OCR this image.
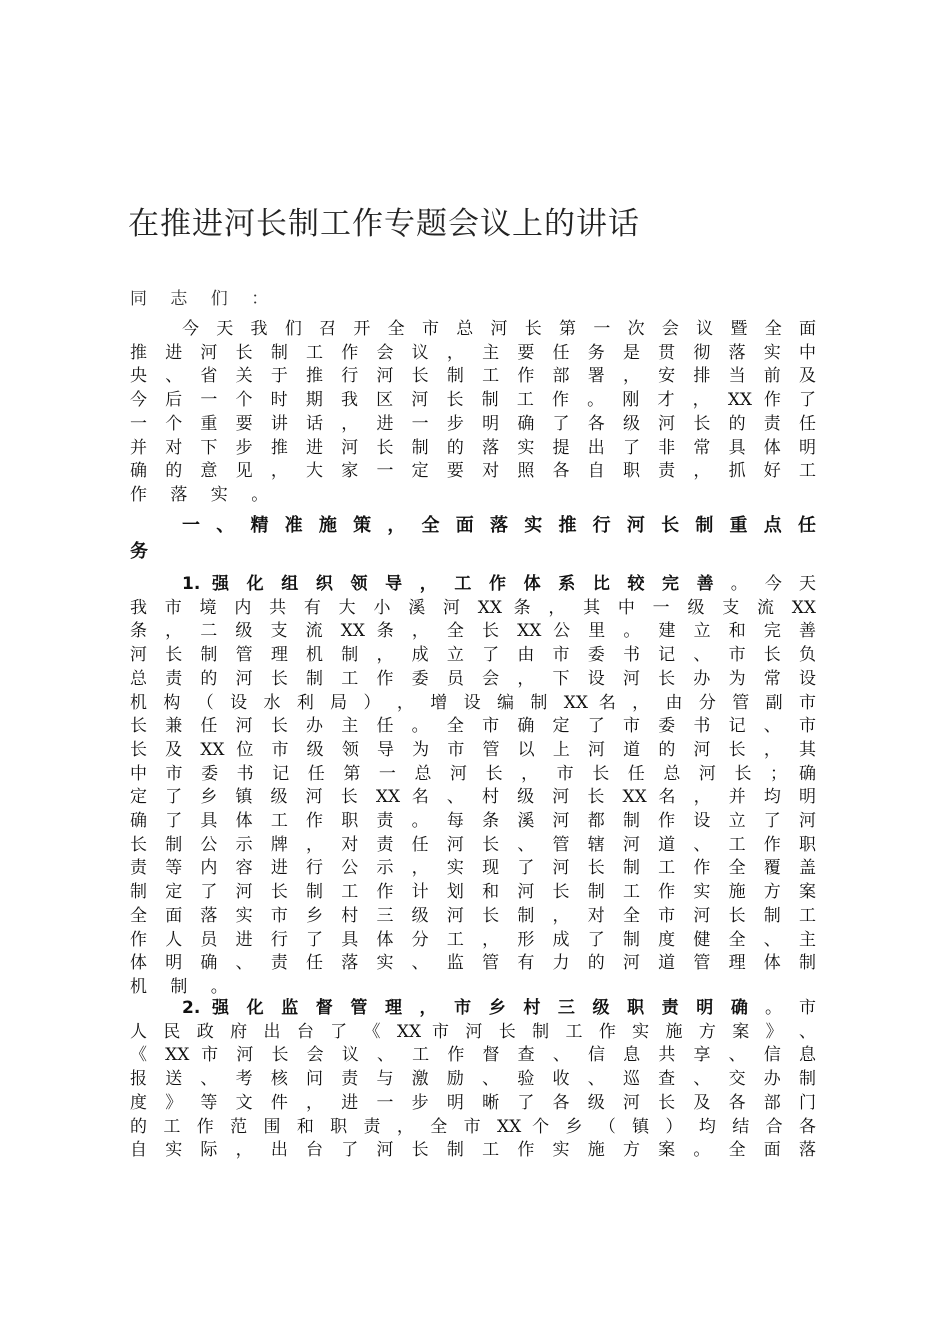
在推进河长制工作专题会议上的讲话

同 志 们 ：

今 天 我 们 召 开 全 市 总 河 长 第 一 次 会 议 暨 全 面
推 进 河 长 制 工 作 会 议 ， 主 要 任 务 是 贯 彻 落 实 中
央 、 省 关 于 推 行 河 长 制 工 作 部 署 ， 安 排 当 前 及
今 后 一 个 时 期 我 区 河 长 制 工 作 。 刚 才 ， XX 作 了
一 个 重 要 讲 话 ， 进 一 步 明 确 了 各 级 河 长 的 责 任
并 对 下 步 推 进 河 长 制 的 落 实 提 出 了 非 常 具 体 明
确 的 意 见 ， 大 家 一 定 要 对 照 各 自 职 责 ， 抓 好 工
作 落 实 。
一 、 精 准 施 策 ， 全 面 落 实 推 行 河 长 制 重 点 任
务
1. 强 化 组 织 领 导 ， 工 作 体 系 比 较 完 善 。 今 天
我 市 境 内 共 有 大 小 溪 河 XX 条 ， 其 中 一 级 支 流 XX
条 ， 二 级 支 流 XX 条 ， 全 长 XX 公 里 。 建 立 和 完 善
河 长 制 管 理 机 制 ， 成 立 了 由 市 委 书 记 、 市 长 负
总 责 的 河 长 制 工 作 委 员 会 ， 下 设 河 长 办 为 常 设
机 构 （ 设 水 利 局 ） ， 增 设 编 制 XX 名 ， 由 分 管 副 市
长 兼 任 河 长 办 主 任 。 全 市 确 定 了 市 委 书 记 、 市
长 及 XX 位 市 级 领 导 为 市 管 以 上 河 道 的 河 长 ， 其
中 市 委 书 记 任 第 一 总 河 长 ， 市 长 任 总 河 长 ； 确
定 了 乡 镇 级 河 长 XX 名 、 村 级 河 长 XX 名 ， 并 均 明
确 了 具 体 工 作 职 责 。 每 条 溪 河 都 制 作 设 立 了 河
长 制 公 示 牌 ， 对 责 任 河 长 、 管 辖 河 道 、 工 作 职
责 等 内 容 进 行 公 示 ， 实 现 了 河 长 制 工 作 全 覆 盖
制 定 了 河 长 制 工 作 计 划 和 河 长 制 工 作 实 施 方 案
全 面 落 实 市 乡 村 三 级 河 长 制 ， 对 全 市 河 长 制 工
作 人 员 进 行 了 具 体 分 工 ， 形 成 了 制 度 健 全 、 主
体 明 确 、 责 任 落 实 、 监 管 有 力 的 河 道 管 理 体 制
机 制 。
2. 强 化 监 督 管 理 ， 市 乡 村 三 级 职 责 明 确 。 市
人 民 政 府 出 台 了 《 XX 市 河 长 制 工 作 实 施 方 案 》 、
《 XX 市 河 长 会 议 、 工 作 督 查 、 信 息 共 享 、 信 息
报 送 、 考 核 问 责 与 激 励 、 验 收 、 巡 查 、 交 办 制
度 》 等 文 件 ， 进 一 步 明 晰 了 各 级 河 长 及 各 部 门
的 工 作 范 围 和 职 责 ， 全 市 XX 个 乡 （ 镇 ） 均 结 合 各
自 实 际 ， 出 台 了 河 长 制 工 作 实 施 方 案 。 全 面 落
